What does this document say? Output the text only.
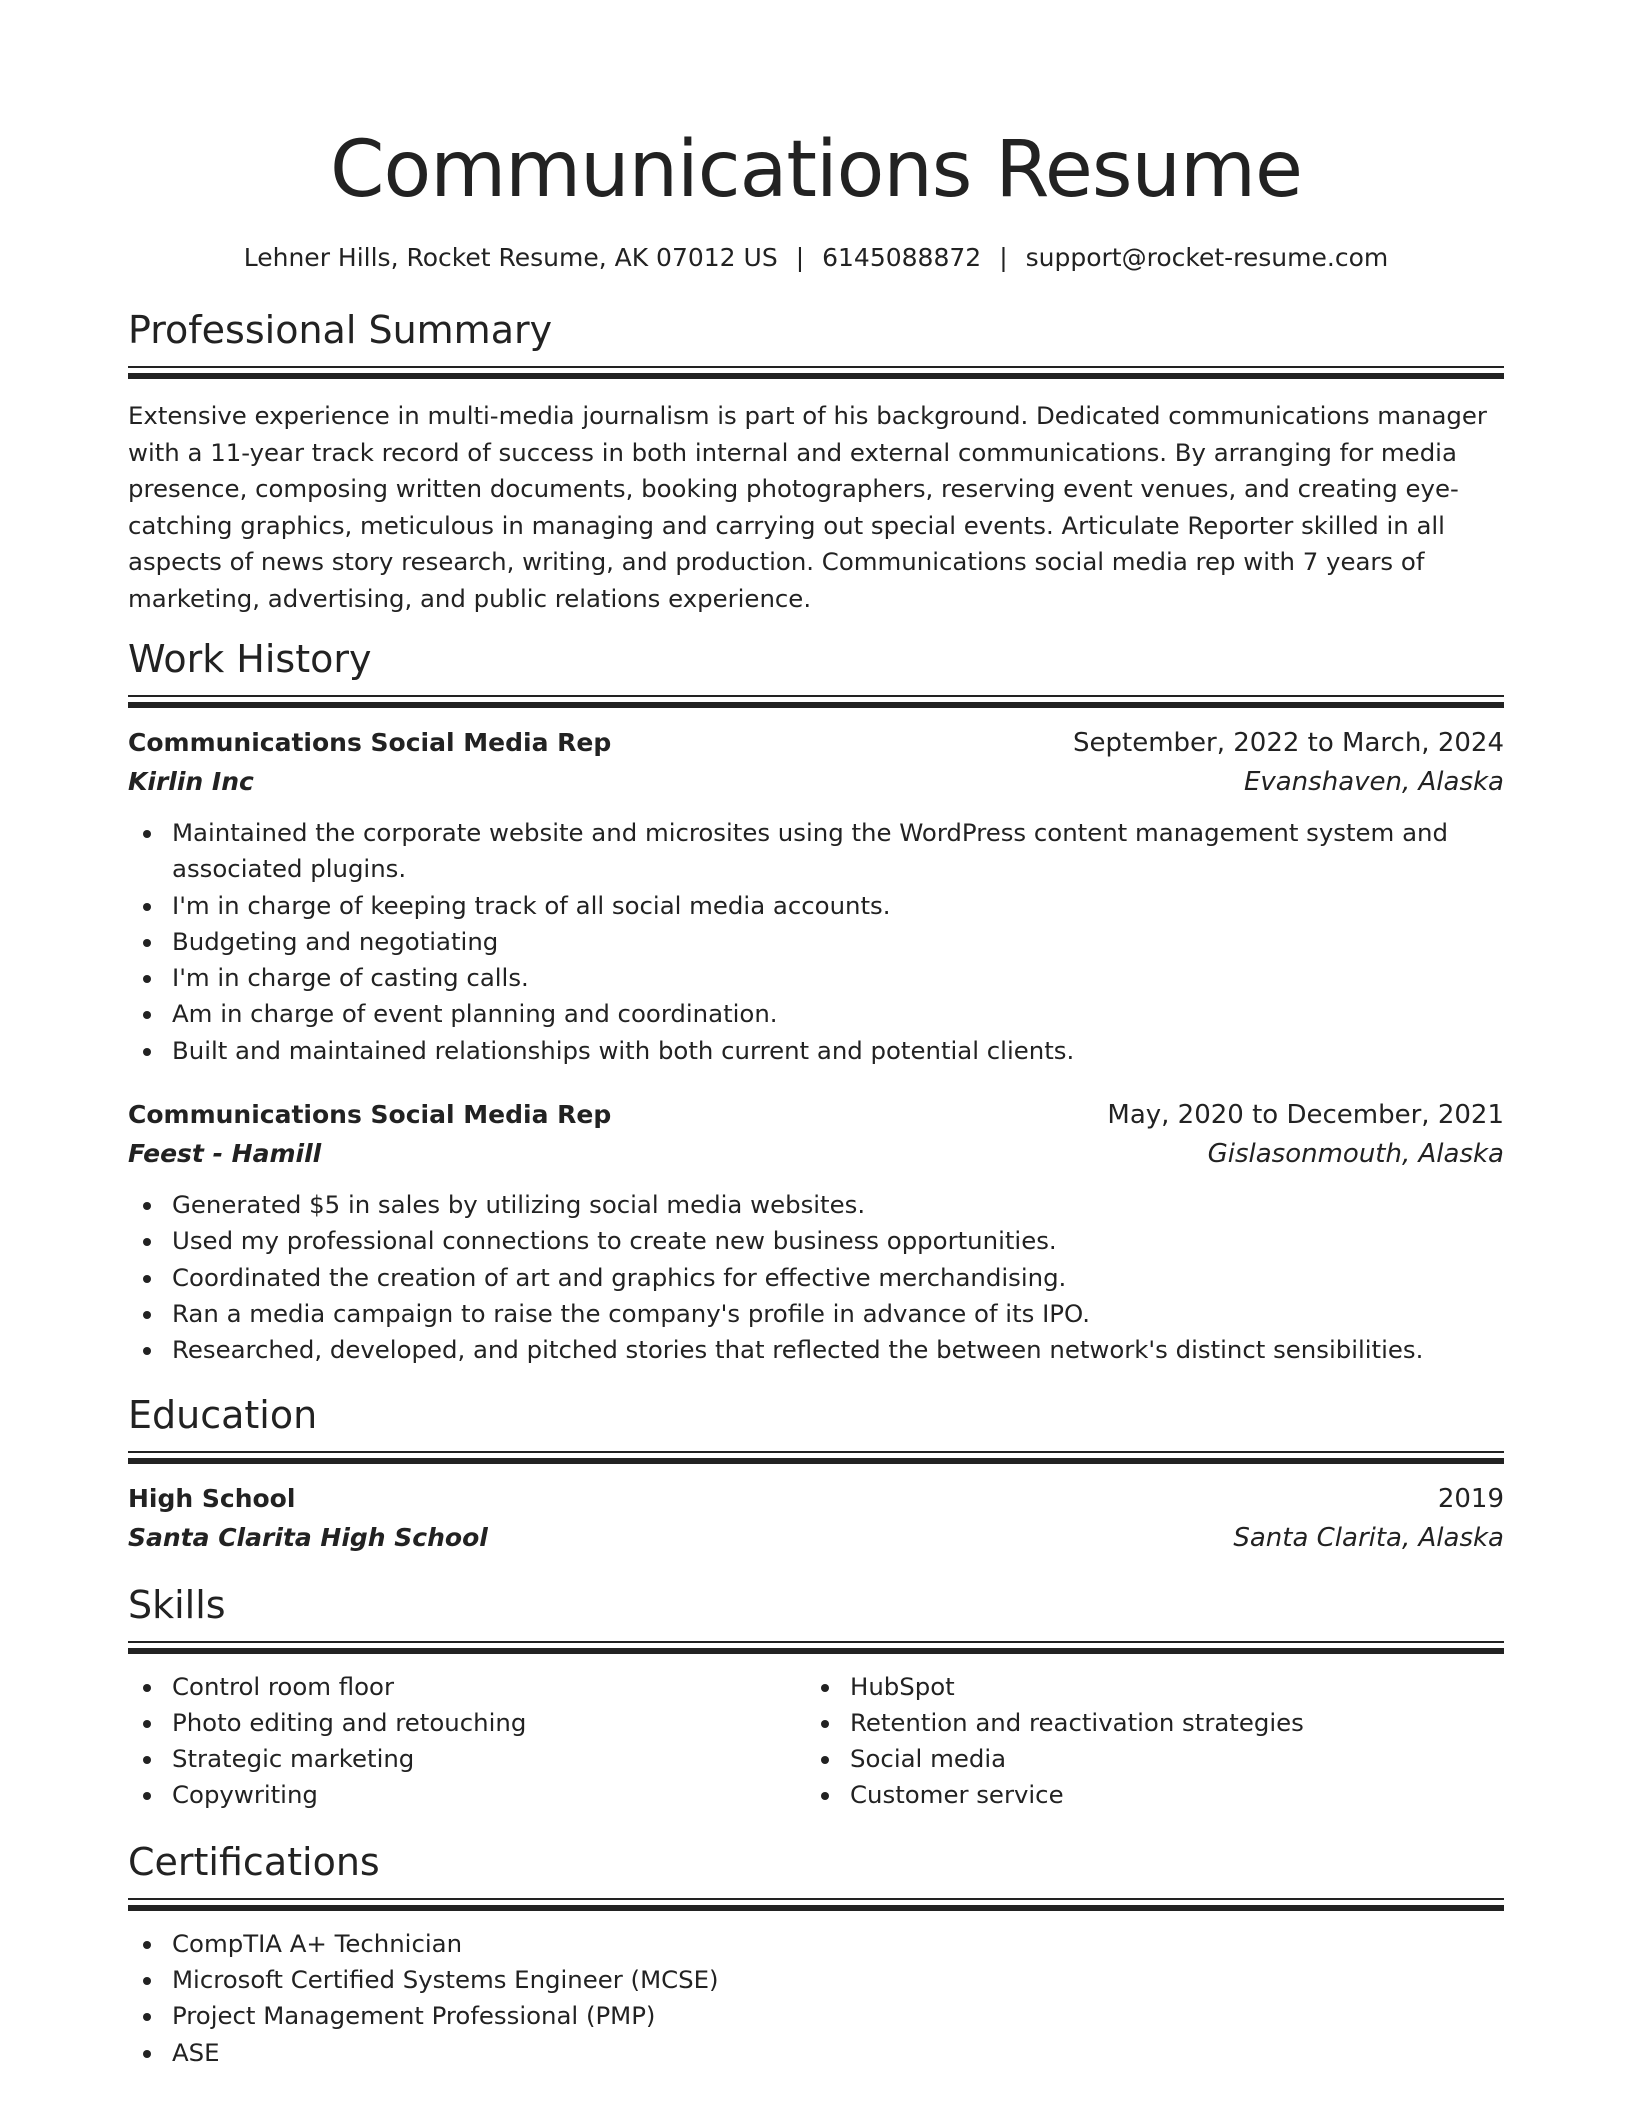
Communications Resume
Lehner Hills, Rocket Resume, AK 07012 US | 6145088872 | support@rocket-resume.com
Professional Summary

Extensive experience in multi-media journalism is part of his background. Dedicated communications manager with a 11-year track record of success in both internal and external communications. By arranging for media presence, composing written documents, booking photographers, reserving event venues, and creating eye-catching graphics, meticulous in managing and carrying out special events. Articulate Reporter skilled in all aspects of news story research, writing, and production. Communications social media rep with 7 years of marketing, advertising, and public relations experience.

Work History
Communications Social Media Rep	September, 2022 to March, 2024
Kirlin Inc	Evanshaven, Alaska
Maintained the corporate website and microsites using the WordPress content management system and associated plugins.
I'm in charge of keeping track of all social media accounts.
Budgeting and negotiating
I'm in charge of casting calls.
Am in charge of event planning and coordination.
Built and maintained relationships with both current and potential clients.
Communications Social Media Rep	May, 2020 to December, 2021
Feest - Hamill	Gislasonmouth, Alaska
Generated $5 in sales by utilizing social media websites.
Used my professional connections to create new business opportunities.
Coordinated the creation of art and graphics for effective merchandising.
Ran a media campaign to raise the company's profile in advance of its IPO.
Researched, developed, and pitched stories that reflected the between network's distinct sensibilities.
Education
High School	2019
Santa Clarita High School	Santa Clarita, Alaska
Skills
Control room floor
Photo editing and retouching
Strategic marketing
Copywriting
HubSpot
Retention and reactivation strategies
Social media
Customer service
Certifications
CompTIA A+ Technician
Microsoft Certified Systems Engineer (MCSE)
Project Management Professional (PMP)
ASE
